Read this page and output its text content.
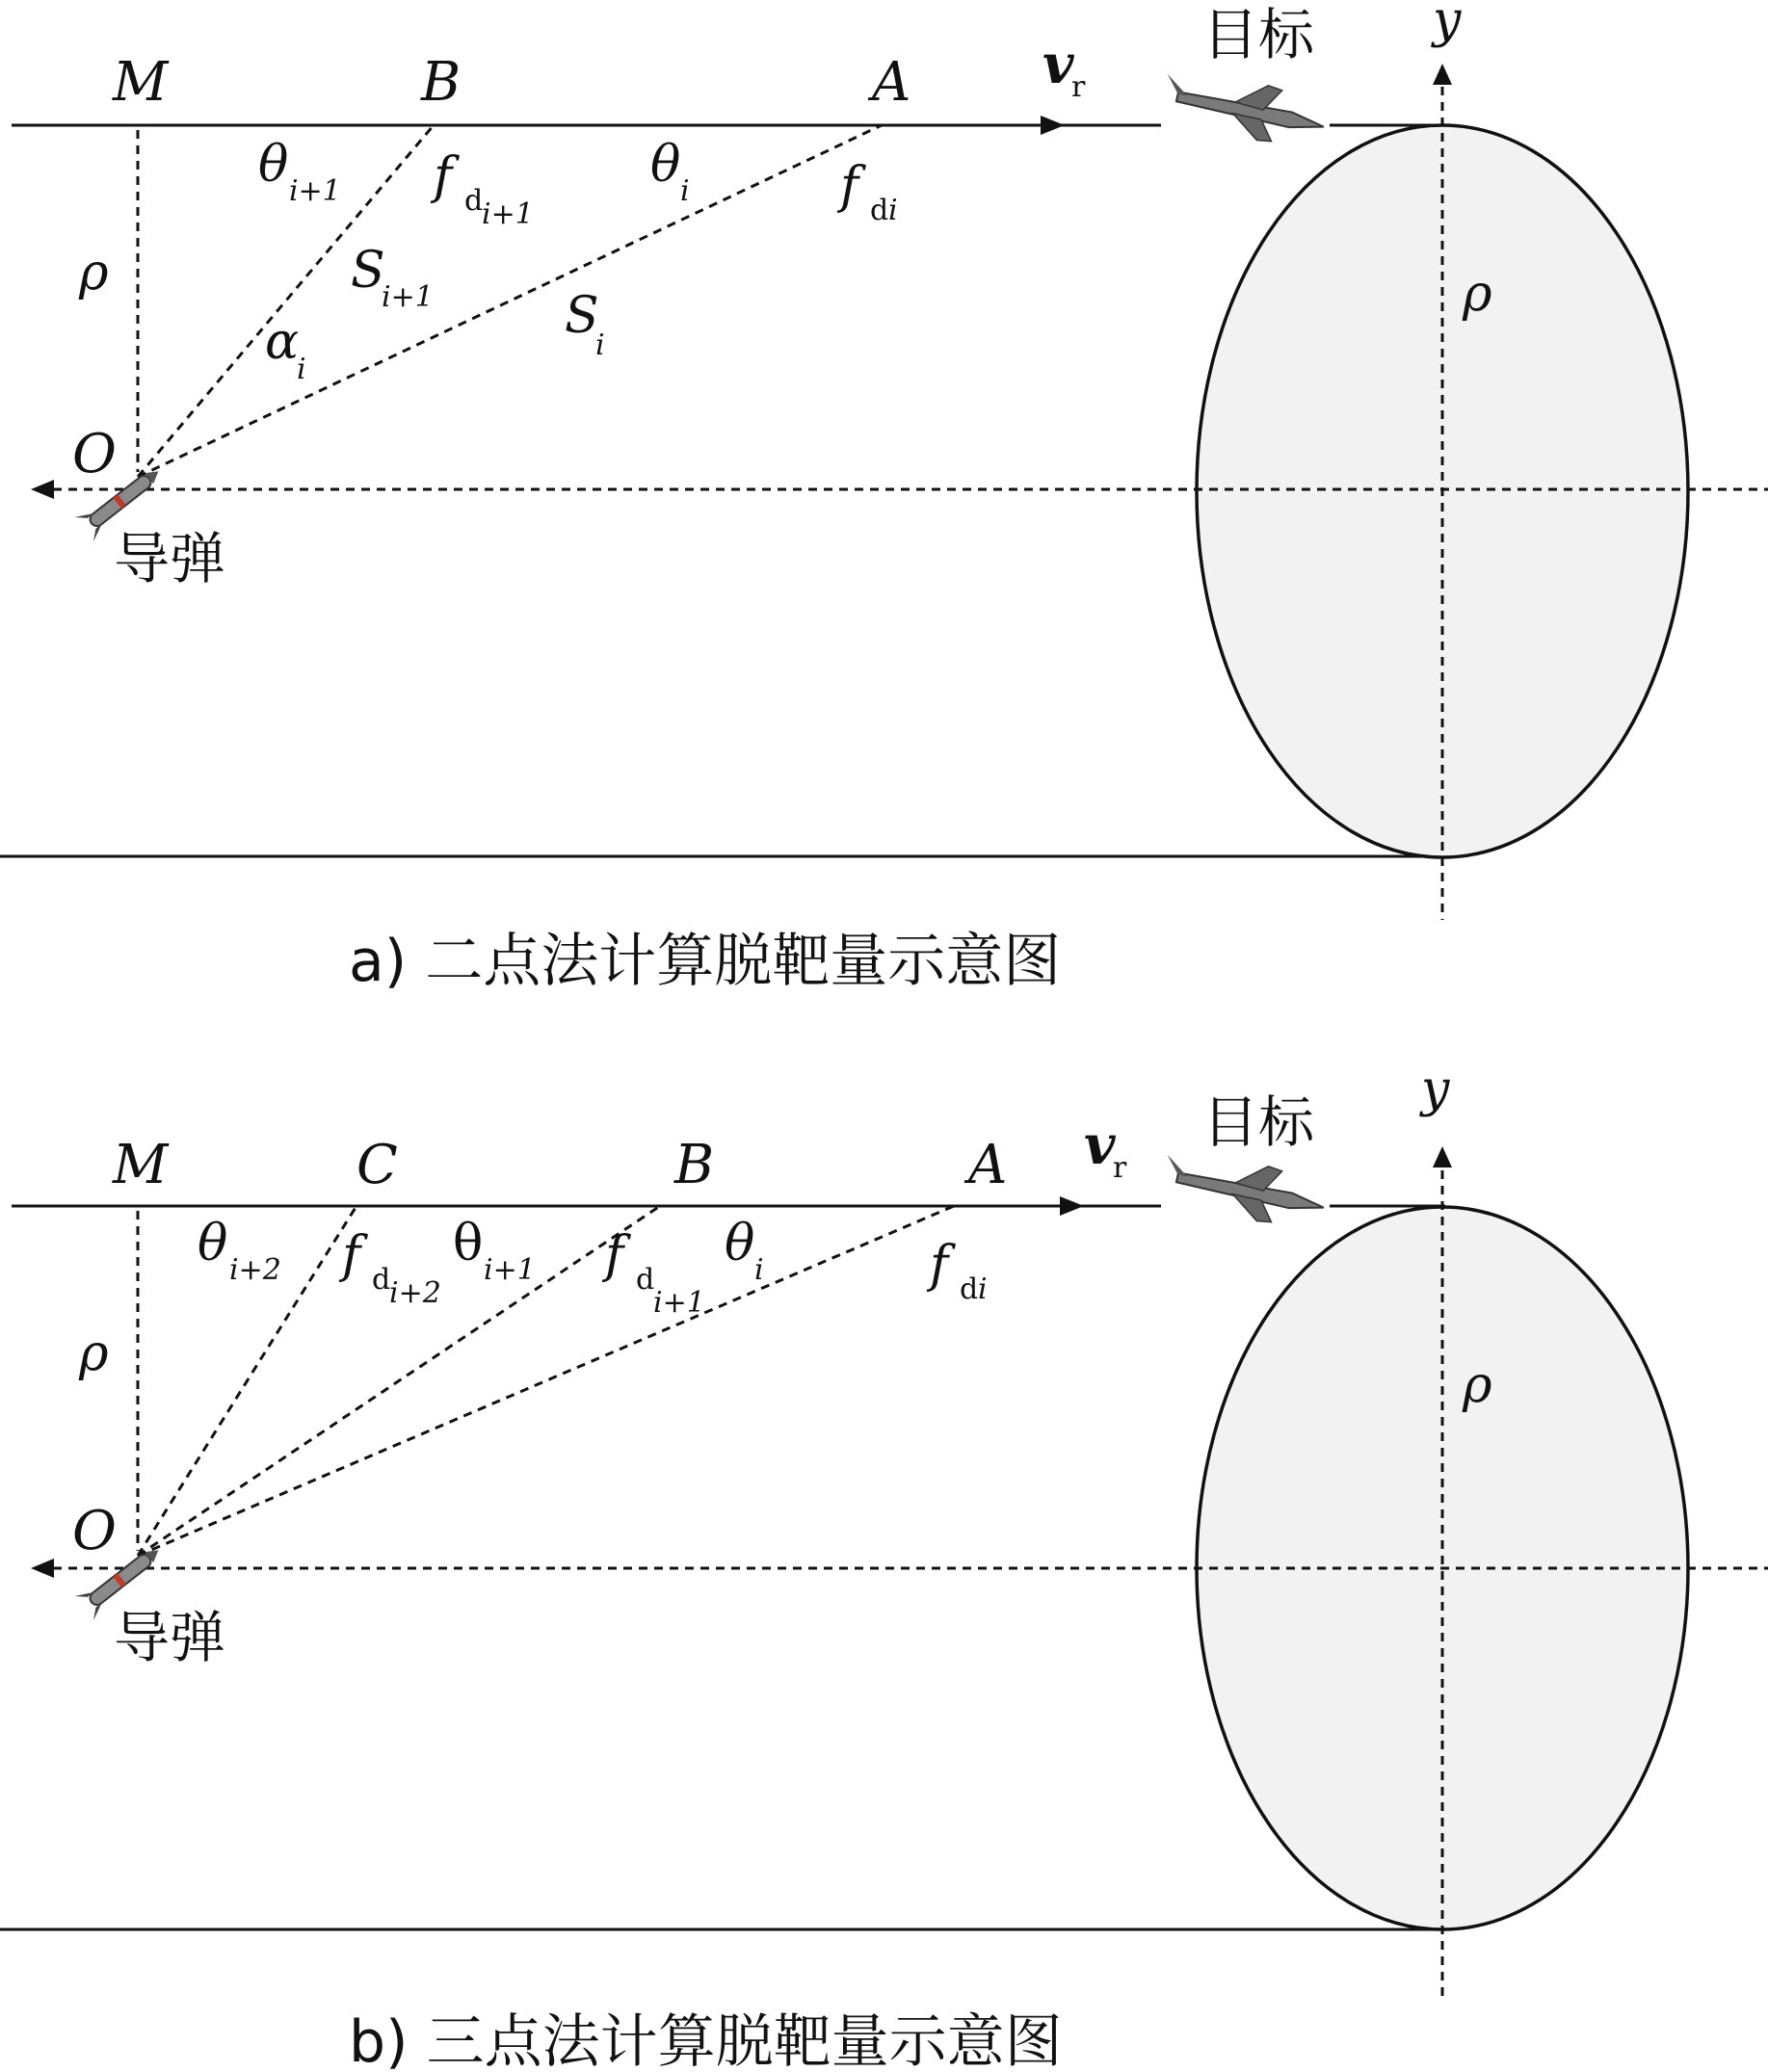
M	B	A
O
v
r
目标
导弹
y
ρ	ρ
θ i+1 f d
i+1
θ i	f d i
S
i+1	S
i
α
i
a) 二点法计算脱靶量示意图
M	C	B	A
O
v
r
目标
导弹
y
ρ
ρ
θ i+2 f d
i+2
θ i+1 f d
i+1
θ i	f d i
b) 三点法计算脱靶量示意图
